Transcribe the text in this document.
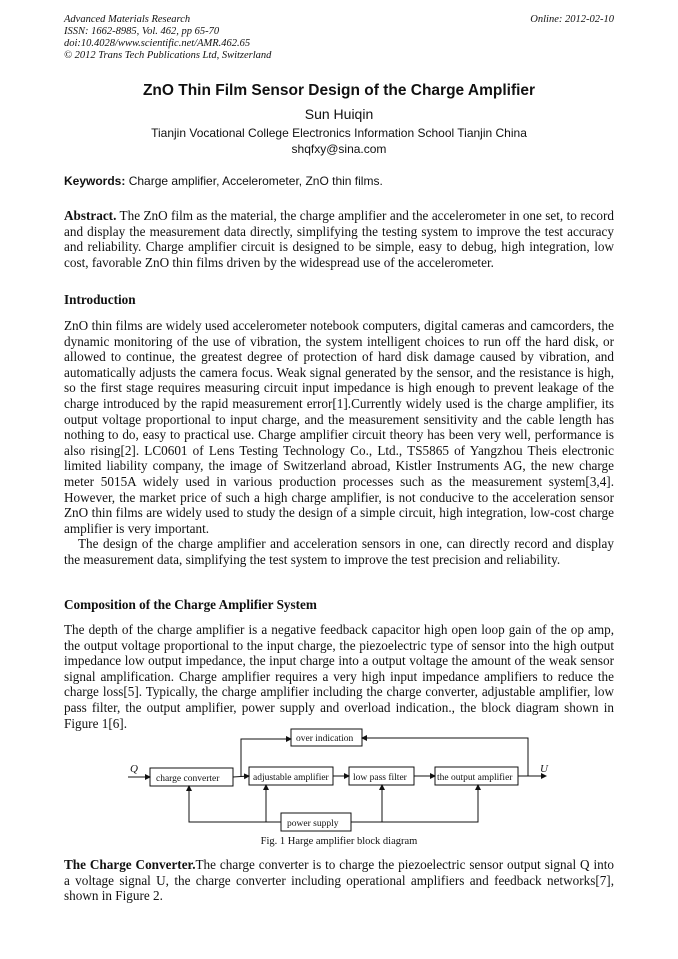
Advanced Materials Research
ISSN: 1662-8985, Vol. 462, pp 65-70
doi:10.4028/www.scientific.net/AMR.462.65
© 2012 Trans Tech Publications Ltd, Switzerland
Online: 2012-02-10
ZnO Thin Film Sensor Design of the Charge Amplifier
Sun Huiqin
Tianjin Vocational College Electronics Information School Tianjin China
shqfxy@sina.com
Keywords: Charge amplifier, Accelerometer, ZnO thin films.

Abstract. The ZnO film as the material, the charge amplifier and the accelerometer in one set, to record and display the measurement data directly, simplifying the testing system to improve the test accuracy and reliability. Charge amplifier circuit is designed to be simple, easy to debug, high integration, low cost, favorable ZnO thin films driven by the widespread use of the accelerometer.

Introduction

ZnO thin films are widely used accelerometer notebook computers, digital cameras and camcorders, the dynamic monitoring of the use of vibration, the system intelligent choices to run off the hard disk, or allowed to continue, the greatest degree of protection of hard disk damage caused by vibration, and automatically adjusts the camera focus. Weak signal generated by the sensor, and the resistance is high, so the first stage requires measuring circuit input impedance is high enough to prevent leakage of the charge introduced by the rapid measurement error[1].Currently widely used is the charge amplifier, its output voltage proportional to input charge, and the measurement sensitivity and the cable length has nothing to do, easy to practical use. Charge amplifier circuit theory has been very well, performance is also rising[2]. LC0601 of Lens Testing Technology Co., Ltd., TS5865 of Yangzhou Theis electronic limited liability company, the image of Switzerland abroad, Kistler Instruments AG, the new charge meter 5015A widely used in various production processes such as the measurement system[3,4]. However, the market price of such a high charge amplifier, is not conducive to the acceleration sensor ZnO thin films are widely used to study the design of a simple circuit, high integration, low-cost charge amplifier is very important.

The design of the charge amplifier and acceleration sensors in one, can directly record and display the measurement data, simplifying the test system to improve the test precision and reliability.

Composition of the Charge Amplifier System

The depth of the charge amplifier is a negative feedback capacitor high open loop gain of the op amp, the output voltage proportional to the input charge, the piezoelectric type of sensor into the high output impedance low output impedance, the input charge into a output voltage the amount of the weak sensor signal amplification. Charge amplifier requires a very high input impedance amplifiers to reduce the charge loss[5]. Typically, the charge amplifier including the charge converter, adjustable amplifier, low pass filter, the output amplifier, power supply and overload indication., the block diagram shown in Figure 1[6].

over indication
charge converter	adjustable amplifier	low pass filter	the output amplifier
power supply
Q	U
Fig. 1 Harge amplifier block diagram

The Charge Converter.The charge converter is to charge the piezoelectric sensor output signal Q into a voltage signal U, the charge converter including operational amplifiers and feedback networks[7], shown in Figure 2.
